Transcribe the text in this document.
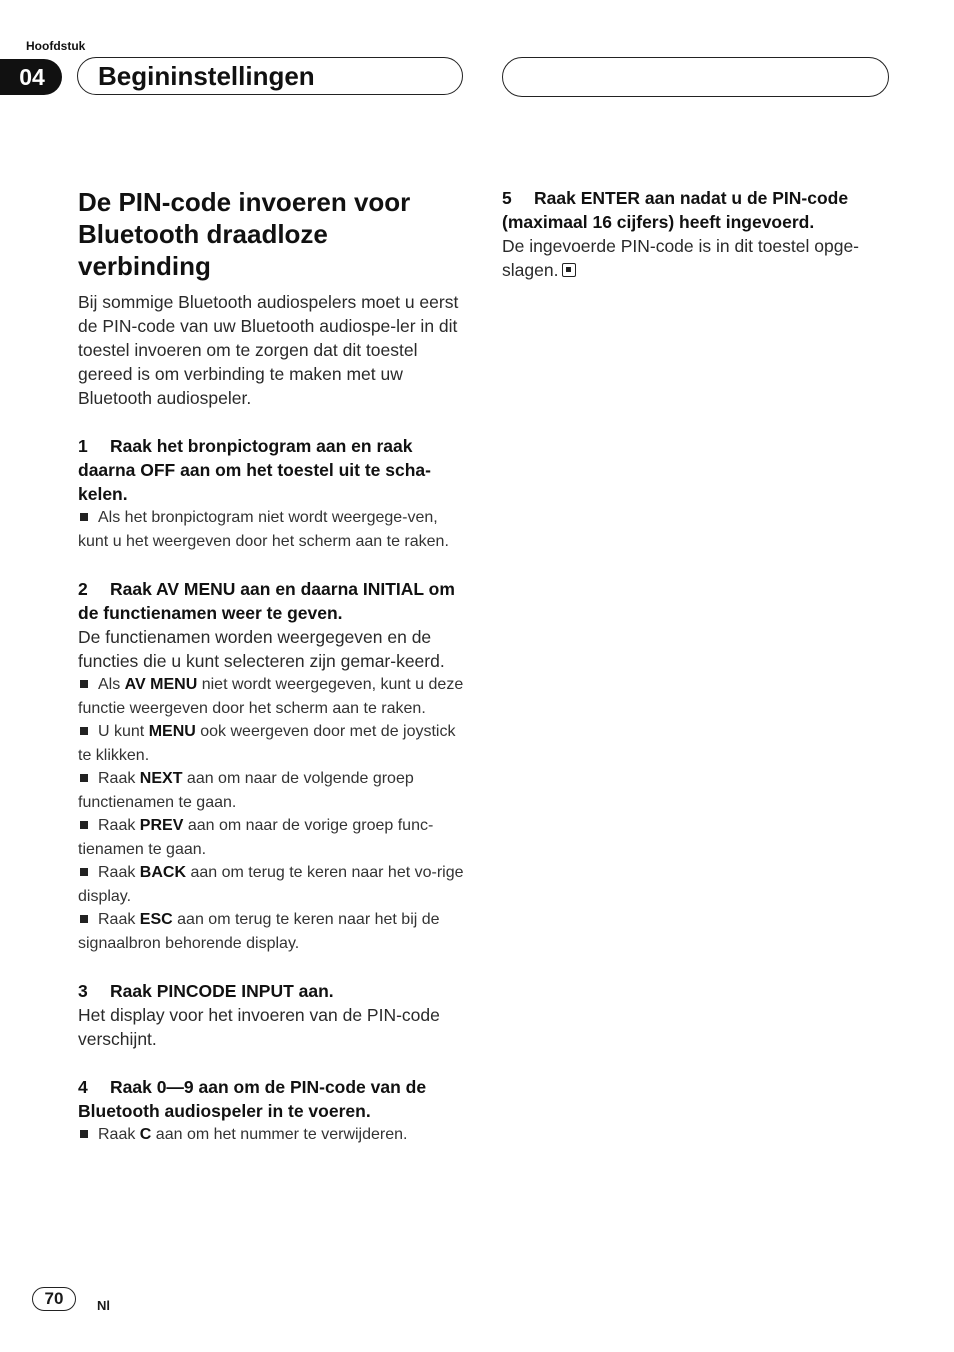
Hoofdstuk
04	Begininstellingen
De PIN-code invoeren voor Bluetooth draadloze verbinding

Bij sommige Bluetooth audiospelers moet u eerst de PIN-code van uw Bluetooth audiospe-ler in dit toestel invoeren om te zorgen dat dit toestel gereed is om verbinding te maken met uw Bluetooth audiospeler.

1 Raak het bronpictogram aan en raak daarna OFF aan om het toestel uit te scha-kelen.

Als het bronpictogram niet wordt weergege-ven, kunt u het weergeven door het scherm aan te raken.

2 Raak AV MENU aan en daarna INITIAL om de functienamen weer te geven.

De functienamen worden weergegeven en de functies die u kunt selecteren zijn gemar-keerd.

Als AV MENU niet wordt weergegeven, kunt u deze functie weergeven door het scherm aan te raken.

U kunt MENU ook weergeven door met de joystick te klikken.

Raak NEXT aan om naar de volgende groep functienamen te gaan.

Raak PREV aan om naar de vorige groep func-tienamen te gaan.

Raak BACK aan om terug te keren naar het vo-rige display.

Raak ESC aan om terug te keren naar het bij de signaalbron behorende display.

3 Raak PINCODE INPUT aan.

Het display voor het invoeren van de PIN-code verschijnt.

4 Raak 0—9 aan om de PIN-code van de Bluetooth audiospeler in te voeren.

Raak C aan om het nummer te verwijderen.

5 Raak ENTER aan nadat u de PIN-code (maximaal 16 cijfers) heeft ingevoerd.

De ingevoerde PIN-code is in dit toestel opge-slagen.

70	Nl
